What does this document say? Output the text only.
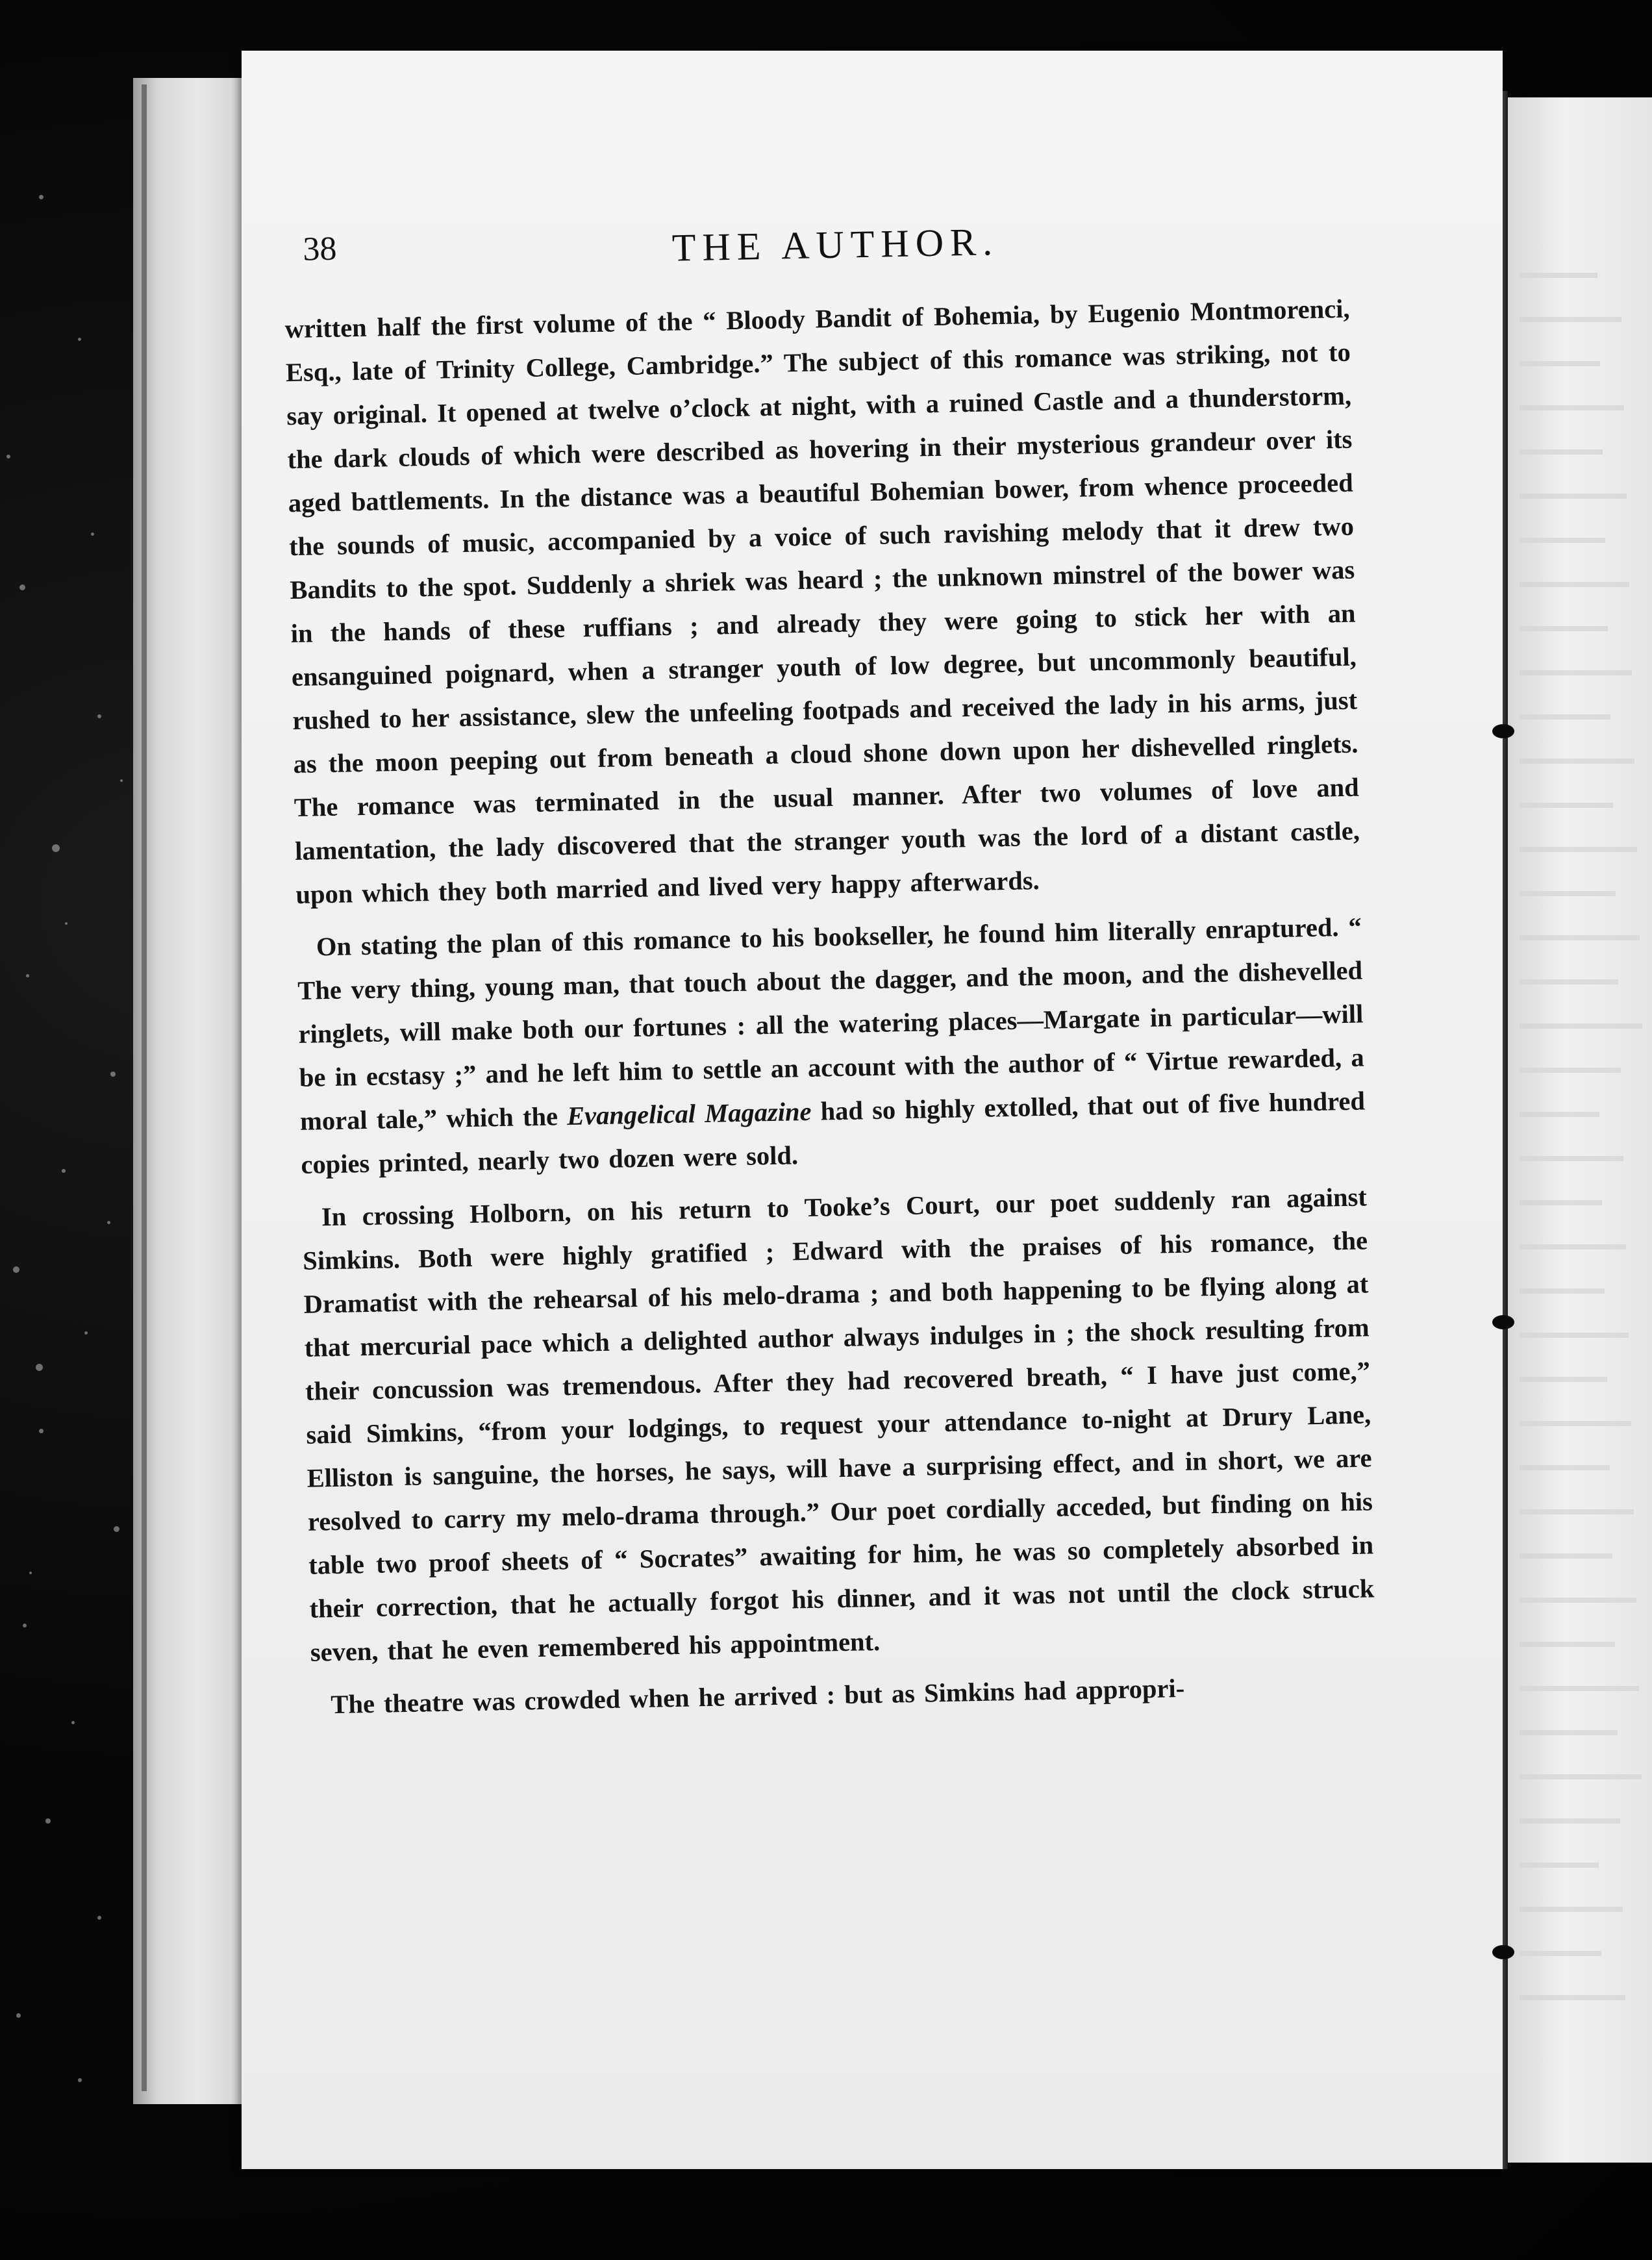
38	THE AUTHOR.

written half the first volume of the “ Bloody Bandit of Bohemia, by Eugenio Montmorenci, Esq., late of Trinity College, Cambridge.” The subject of this romance was striking, not to say original. It opened at twelve o’clock at night, with a ruined Castle and a thunderstorm, the dark clouds of which were described as hovering in their mysterious grandeur over its aged battlements. In the distance was a beautiful Bohemian bower, from whence proceeded the sounds of music, accompanied by a voice of such ravishing melody that it drew two Bandits to the spot. Suddenly a shriek was heard ; the unknown minstrel of the bower was in the hands of these ruffians ; and already they were going to stick her with an ensanguined poignard, when a stranger youth of low degree, but uncommonly beautiful, rushed to her assistance, slew the unfeeling footpads and received the lady in his arms, just as the moon peeping out from beneath a cloud shone down upon her dishevelled ringlets. The romance was terminated in the usual manner. After two volumes of love and lamentation, the lady discovered that the stranger youth was the lord of a distant castle, upon which they both married and lived very happy afterwards.

On stating the plan of this romance to his bookseller, he found him literally enraptured. “ The very thing, young man, that touch about the dagger, and the moon, and the dishevelled ringlets, will make both our fortunes : all the watering places—Margate in particular—will be in ecstasy ;” and he left him to settle an account with the author of “ Virtue rewarded, a moral tale,” which the Evangelical Magazine had so highly extolled, that out of five hundred copies printed, nearly two dozen were sold.

In crossing Holborn, on his return to Tooke’s Court, our poet suddenly ran against Simkins. Both were highly gratified ; Edward with the praises of his romance, the Dramatist with the rehearsal of his melo-drama ; and both happening to be flying along at that mercurial pace which a delighted author always indulges in ; the shock resulting from their concussion was tremendous. After they had recovered breath, “ I have just come,” said Simkins, “from your lodgings, to request your attendance to-night at Drury Lane, Elliston is sanguine, the horses, he says, will have a surprising effect, and in short, we are resolved to carry my melo-drama through.” Our poet cordially acceded, but finding on his table two proof sheets of “ Socrates” awaiting for him, he was so completely absorbed in their correction, that he actually forgot his dinner, and it was not until the clock struck seven, that he even remembered his appointment.

The theatre was crowded when he arrived : but as Simkins had appropri-
